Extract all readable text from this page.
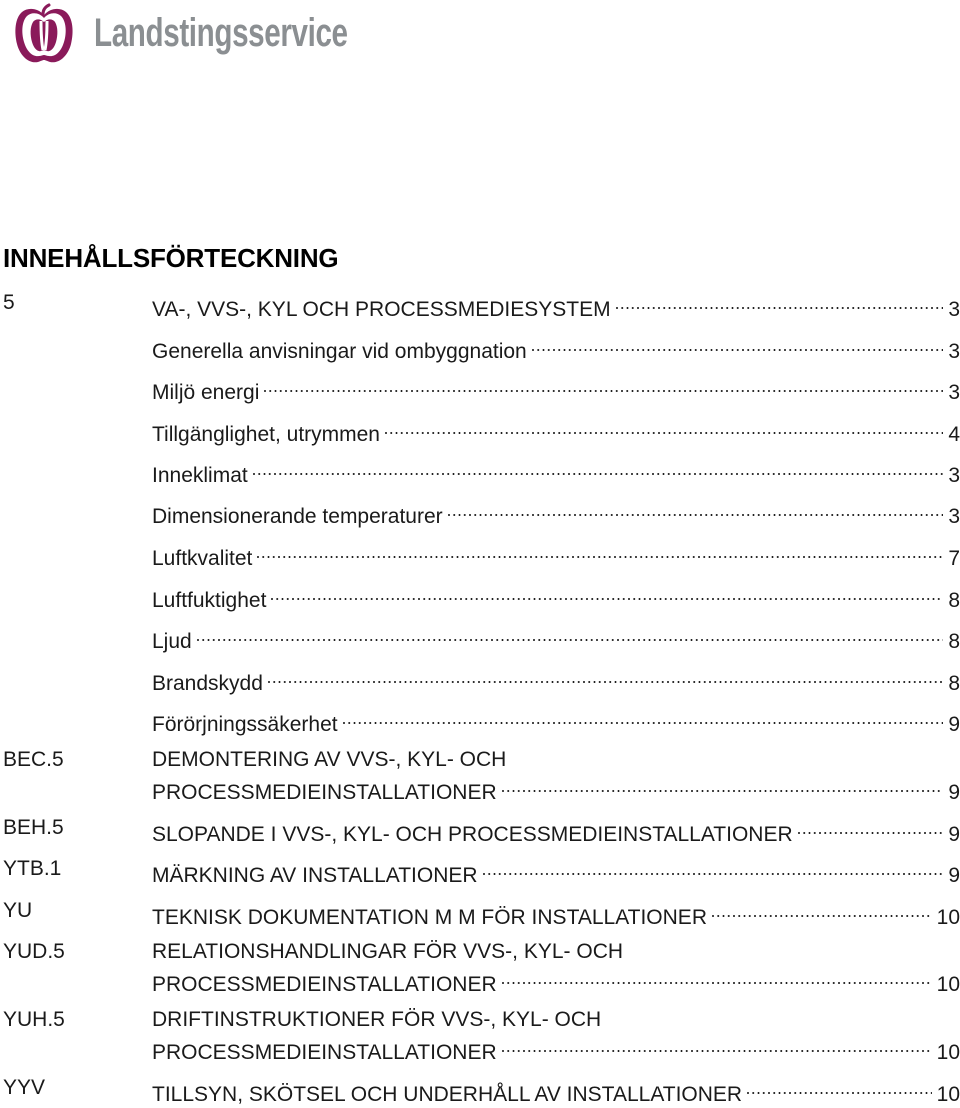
Landstingsservice
INNEHÅLLSFÖRTECKNING
5	VA-, VVS-, KYL OCH PROCESSMEDIESYSTEM	3
Generella anvisningar vid ombyggnation	3
Miljö energi	3
Tillgänglighet, utrymmen	4
Inneklimat	3
Dimensionerande temperaturer	3
Luftkvalitet	7
Luftfuktighet	8
Ljud	8
Brandskydd	8
Förörjningssäkerhet	9
BEC.5	DEMONTERING AV VVS-, KYL- OCH
PROCESSMEDIEINSTALLATIONER	9
BEH.5	SLOPANDE I VVS-, KYL- OCH PROCESSMEDIEINSTALLATIONER	9
YTB.1	MÄRKNING AV INSTALLATIONER	9
YU	TEKNISK DOKUMENTATION M M FÖR INSTALLATIONER	10
YUD.5	RELATIONSHANDLINGAR FÖR VVS-, KYL- OCH
PROCESSMEDIEINSTALLATIONER	10
YUH.5	DRIFTINSTRUKTIONER FÖR VVS-, KYL- OCH
PROCESSMEDIEINSTALLATIONER	10
YYV	TILLSYN, SKÖTSEL OCH UNDERHÅLL AV INSTALLATIONER	10
